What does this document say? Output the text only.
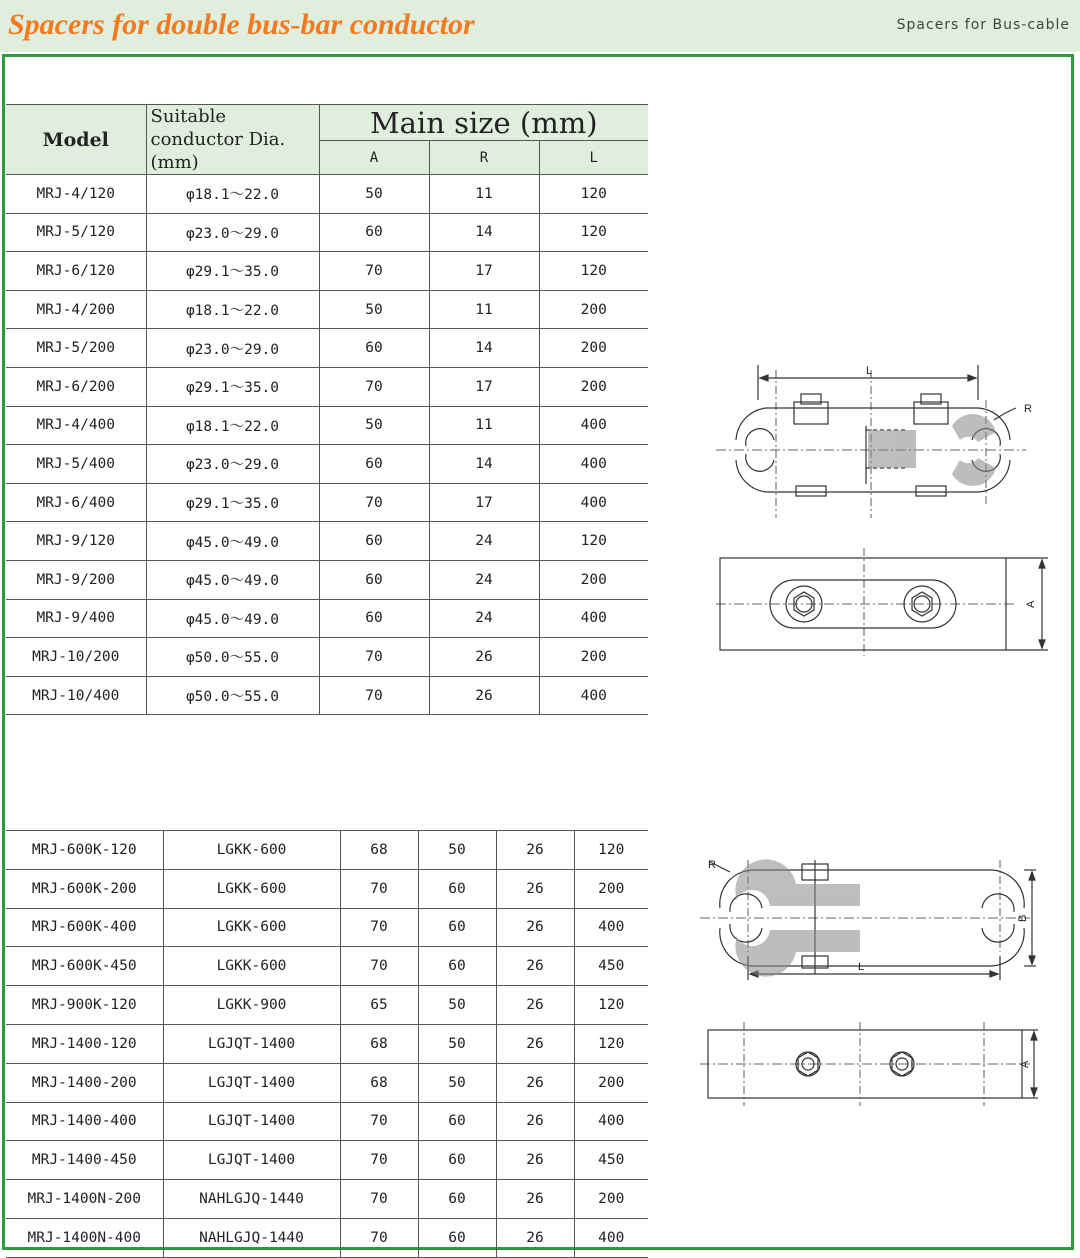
Spacers for double bus-bar conductor	Spacers for Bus-cable
Model	Suitable
conductor Dia.
(mm)	Main size (mm)		
		A	R	L
MRJ-4/120	φ18.1～22.0	50	11	120
MRJ-5/120	φ23.0～29.0	60	14	120
MRJ-6/120	φ29.1～35.0	70	17	120
MRJ-4/200	φ18.1～22.0	50	11	200
MRJ-5/200	φ23.0～29.0	60	14	200
MRJ-6/200	φ29.1～35.0	70	17	200
MRJ-4/400	φ18.1～22.0	50	11	400
MRJ-5/400	φ23.0～29.0	60	14	400
MRJ-6/400	φ29.1～35.0	70	17	400
MRJ-9/120	φ45.0～49.0	60	24	120
MRJ-9/200	φ45.0～49.0	60	24	200
MRJ-9/400	φ45.0～49.0	60	24	400
MRJ-10/200	φ50.0～55.0	70	26	200
MRJ-10/400	φ50.0～55.0	70	26	400
MRJ-600K-120	LGKK-600	68	50	26	120
MRJ-600K-200	LGKK-600	70	60	26	200
MRJ-600K-400	LGKK-600	70	60	26	400
MRJ-600K-450	LGKK-600	70	60	26	450
MRJ-900K-120	LGKK-900	65	50	26	120
MRJ-1400-120	LGJQT-1400	68	50	26	120
MRJ-1400-200	LGJQT-1400	68	50	26	200
MRJ-1400-400	LGJQT-1400	70	60	26	400
MRJ-1400-450	LGJQT-1400	70	60	26	450
MRJ-1400N-200	NAHLGJQ-1440	70	60	26	200
MRJ-1400N-400	NAHLGJQ-1440	70	60	26	400
L
R
A
R
B
L
A
